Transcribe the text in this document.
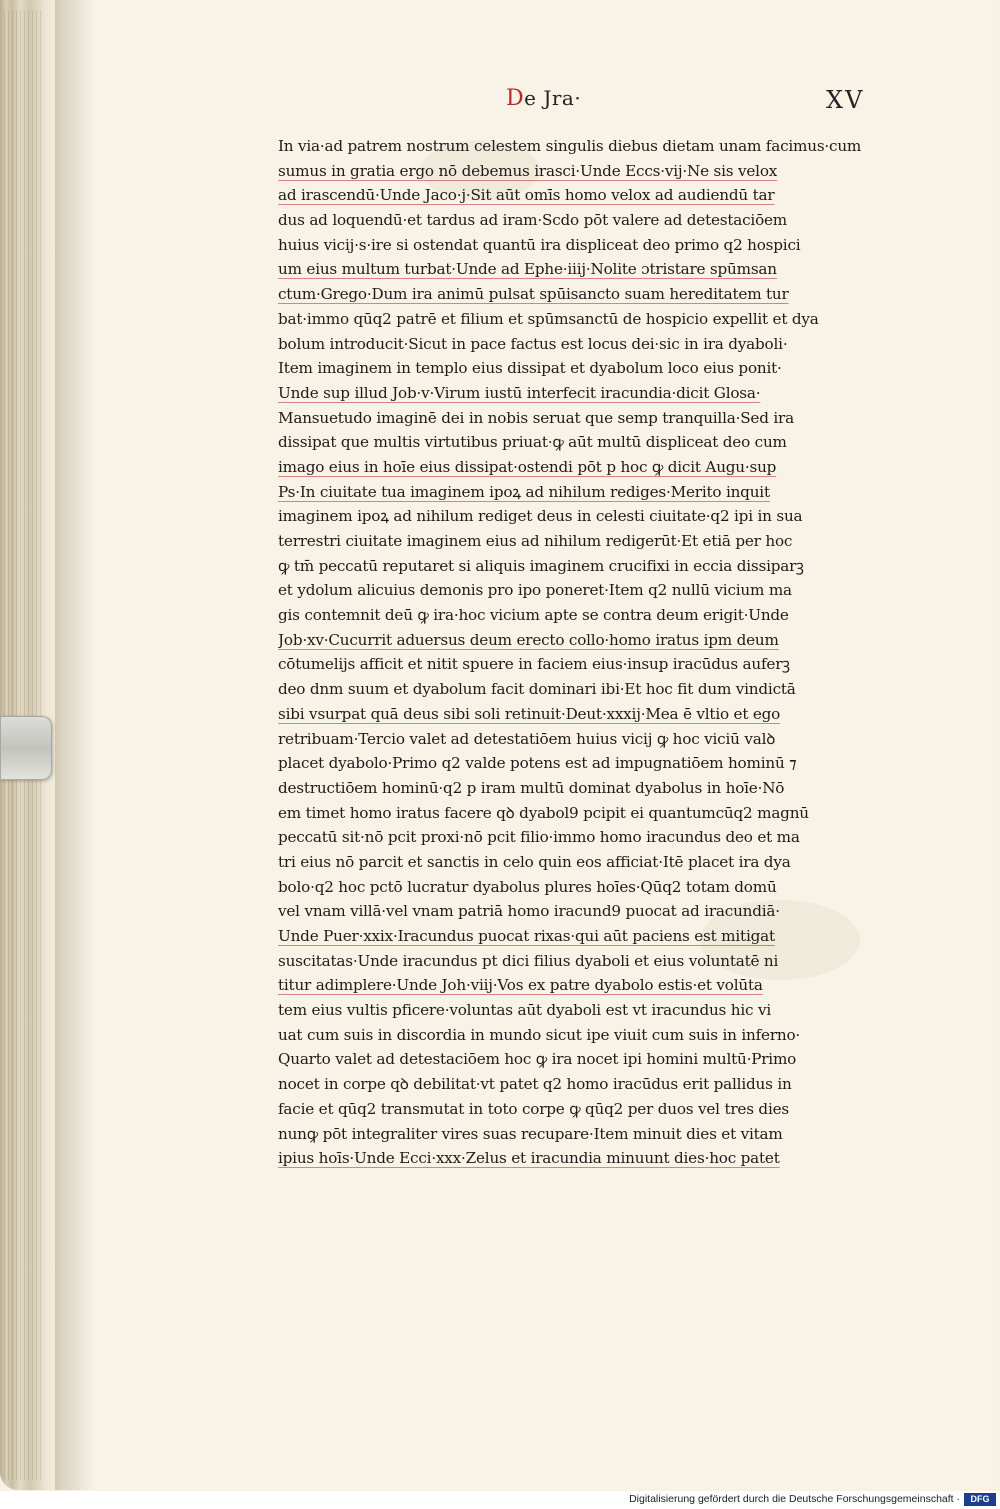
De Jra·	XV
In via·ad patrem nostrum celestem singulis diebus dietam unam facimus·cum
sumus in gratia ergo nō debemus irasci·Unde Eccs·vij·Ne sis velox
ad irascendū·Unde Jaco·j·Sit aūt omīs homo velox ad audiendū tar
dus ad loquendū·et tardus ad iram·Scdo pōt valere ad detestaciōem
huius vicij·s·ire si ostendat quantū ira displiceat deo primo q2 hospici
um eius multum turbat·Unde ad Ephe·iiij·Nolite ɔtristare spūmsan
ctum·Grego·Dum ira animū pulsat spūisancto suam hereditatem tur
bat·immo qūq2 patrē et filium et spūmsanctū de hospicio expellit et dya
bolum introducit·Sicut in pace factus est locus dei·sic in ira dyaboli·
Item imaginem in templo eius dissipat et dyabolum loco eius ponit·
Unde sup illud Job·v·Virum iustū interfecit iracundia·dicit Glosa·
Mansuetudo imaginē dei in nobis seruat que semp tranquilla·Sed ira
dissipat que multis virtutibus priuat·ꝙ aūt multū displiceat deo cum
imago eius in hoīe eius dissipat·ostendi pōt p hoc ꝙ dicit Augu·sup
Ps·In ciuitate tua imaginem ipoꝝ ad nihilum rediges·Merito inquit
imaginem ipoꝝ ad nihilum rediget deus in celesti ciuitate·q2 ipi in sua
terrestri ciuitate imaginem eius ad nihilum redigerūt·Et etiā per hoc
ꝙ tm̄ peccatū reputaret si aliquis imaginem crucifixi in eccia dissiparꝫ
et ydolum alicuius demonis pro ipo poneret·Item q2 nullū vicium ma
gis contemnit deū ꝙ ira·hoc vicium apte se contra deum erigit·Unde
Job·xv·Cucurrit aduersus deum erecto collo·homo iratus ipm deum
cōtumelijs afficit et nitit spuere in faciem eius·insup iracūdus auferꝫ
deo dnm suum et dyabolum facit dominari ibi·Et hoc fit dum vindictā
sibi vsurpat quā deus sibi soli retinuit·Deut·xxxij·Mea ē vltio et ego
retribuam·Tercio valet ad detestatiōem huius vicij ꝙ hoc viciū valꝺ
placet dyabolo·Primo q2 valde potens est ad impugnatiōem hominū ⁊
destructiōem hominū·q2 p iram multū dominat dyabolus in hoīe·Nō
em timet homo iratus facere qꝺ dyabol9 pcipit ei quantumcūq2 magnū
peccatū sit·nō pcit proxi·nō pcit filio·immo homo iracundus deo et ma
tri eius nō parcit et sanctis in celo quin eos afficiat·Itē placet ira dya
bolo·q2 hoc pctō lucratur dyabolus plures hoīes·Qūq2 totam domū
vel vnam villā·vel vnam patriā homo iracund9 puocat ad iracundiā·
Unde Puer·xxix·Iracundus puocat rixas·qui aūt paciens est mitigat
suscitatas·Unde iracundus pt dici filius dyaboli et eius voluntatē ni
titur adimplere·Unde Joh·viij·Vos ex patre dyabolo estis·et volūta
tem eius vultis pficere·voluntas aūt dyaboli est vt iracundus hic vi
uat cum suis in discordia in mundo sicut ipe viuit cum suis in inferno·
Quarto valet ad detestaciōem hoc ꝙ ira nocet ipi homini multū·Primo
nocet in corpe qꝺ debilitat·vt patet q2 homo iracūdus erit pallidus in
facie et qūq2 transmutat in toto corpe ꝙ qūq2 per duos vel tres dies
nunꝙ pōt integraliter vires suas recupare·Item minuit dies et vitam
ipius hoīs·Unde Ecci·xxx·Zelus et iracundia minuunt dies·hoc patet
Digitalisierung gefördert durch die Deutsche Forschungsgemeinschaft ·	DFG
